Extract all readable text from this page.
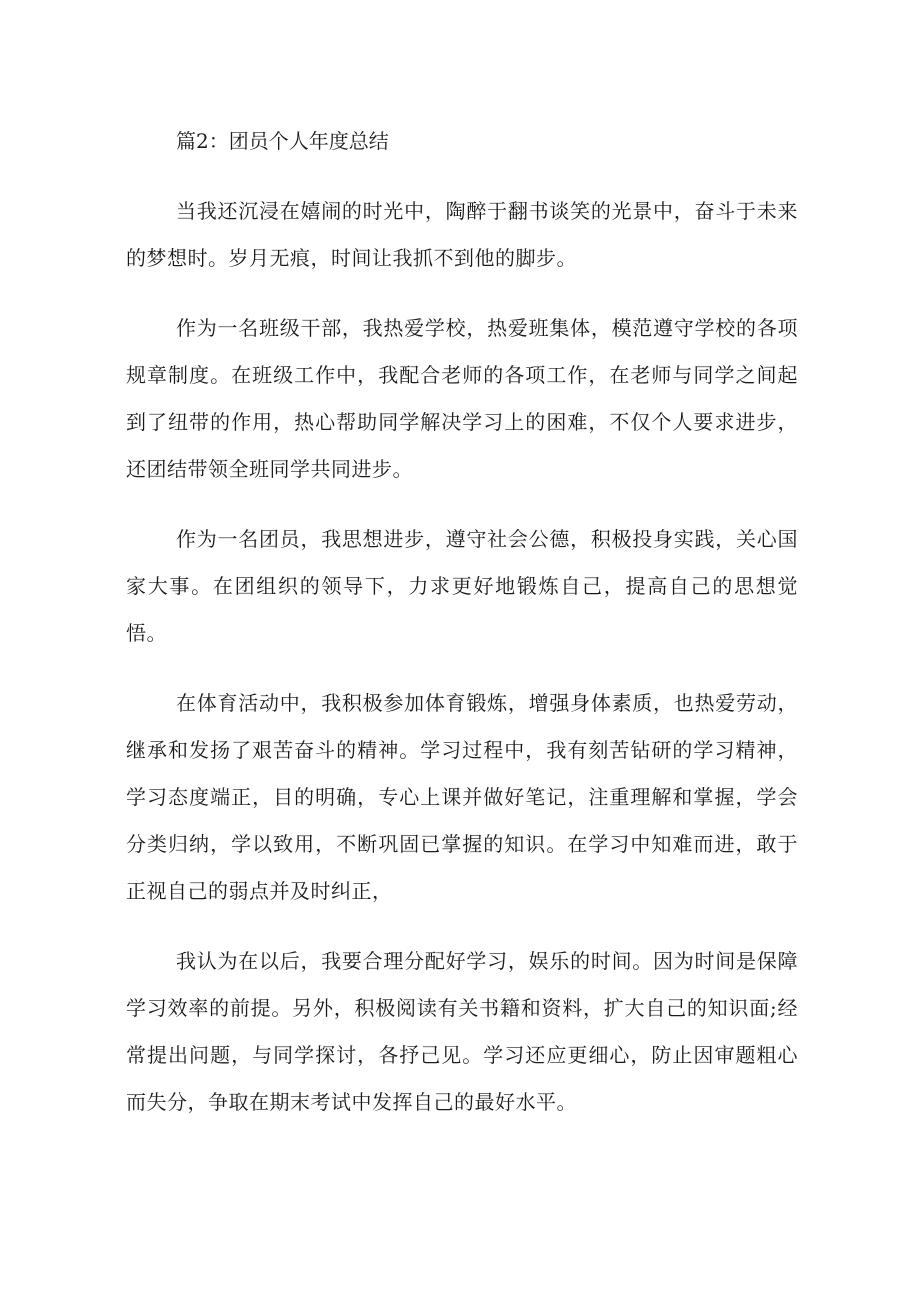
篇2：团员个人年度总结

当我还沉浸在嬉闹的时光中，陶醉于翻书谈笑的光景中，奋斗于未来的梦想时。岁月无痕，时间让我抓不到他的脚步。

作为一名班级干部，我热爱学校，热爱班集体，模范遵守学校的各项规章制度。在班级工作中，我配合老师的各项工作，在老师与同学之间起到了纽带的作用，热心帮助同学解决学习上的困难，不仅个人要求进步，还团结带领全班同学共同进步。

作为一名团员，我思想进步，遵守社会公德，积极投身实践，关心国家大事。在团组织的领导下，力求更好地锻炼自己，提高自己的思想觉悟。

在体育活动中，我积极参加体育锻炼，增强身体素质，也热爱劳动，继承和发扬了艰苦奋斗的精神。学习过程中，我有刻苦钻研的学习精神，学习态度端正，目的明确，专心上课并做好笔记，注重理解和掌握，学会分类归纳，学以致用，不断巩固已掌握的知识。在学习中知难而进，敢于正视自己的弱点并及时纠正，

我认为在以后，我要合理分配好学习，娱乐的时间。因为时间是保障学习效率的前提。另外，积极阅读有关书籍和资料，扩大自己的知识面;经常提出问题，与同学探讨，各抒己见。学习还应更细心，防止因审题粗心而失分，争取在期末考试中发挥自己的最好水平。
